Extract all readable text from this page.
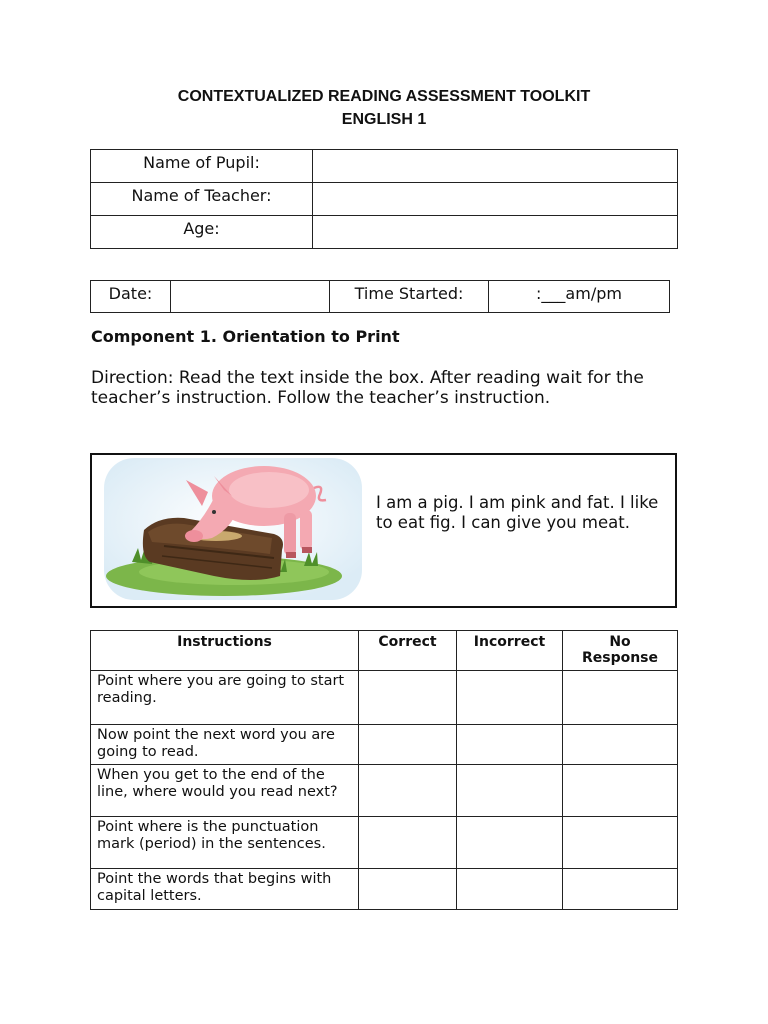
CONTEXTUALIZED READING ASSESSMENT TOOLKIT
ENGLISH 1
Name of Pupil:	
Name of Teacher:	
Age:	
Date:		Time Started:	:___am/pm
Component 1. Orientation to Print
Direction: Read the text inside the box. After reading wait for the teacher’s instruction. Follow the teacher’s instruction.
I am a pig. I am pink and fat. I like to eat fig. I can give you meat.
Instructions	Correct	Incorrect	No Response
Point where you are going to start reading.			
Now point the next word you are going to read.			
When you get to the end of the line, where would you read next?			
Point where is the punctuation mark (period) in the sentences.			
Point the words that begins with capital letters.			
